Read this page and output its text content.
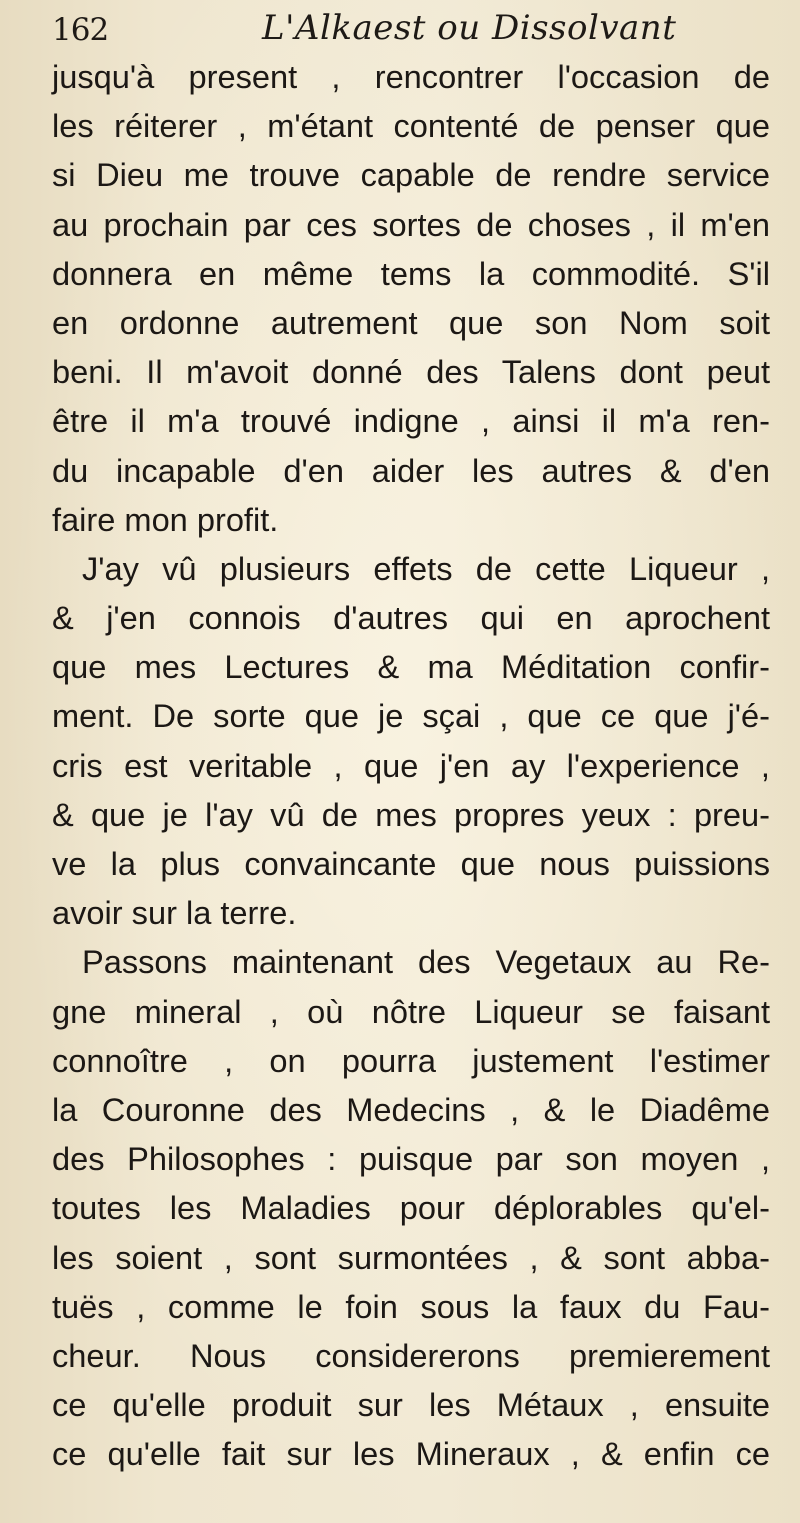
162	L'Alkaest ou Dissolvant
jusqu'à present , rencontrer l'occasion de
les réiterer , m'étant contenté de penser que
si Dieu me trouve capable de rendre service
au prochain par ces sortes de choses , il m'en
donnera en même tems la commodité. S'il
en ordonne autrement que son Nom soit
beni. Il m'avoit donné des Talens dont peut
être il m'a trouvé indigne , ainsi il m'a ren-
du incapable d'en aider les autres & d'en
faire mon profit.
J'ay vû plusieurs effets de cette Liqueur ,
& j'en connois d'autres qui en aprochent
que mes Lectures & ma Méditation confir-
ment. De sorte que je sçai , que ce que j'é-
cris est veritable , que j'en ay l'experience ,
& que je l'ay vû de mes propres yeux : preu-
ve la plus convaincante que nous puissions
avoir sur la terre.
Passons maintenant des Vegetaux au Re-
gne mineral , où nôtre Liqueur se faisant
connoître , on pourra justement l'estimer
la Couronne des Medecins , & le Diadême
des Philosophes : puisque par son moyen ,
toutes les Maladies pour déplorables qu'el-
les soient , sont surmontées , & sont abba-
tuës , comme le foin sous la faux du Fau-
cheur. Nous considererons premierement
ce qu'elle produit sur les Métaux , ensuite
ce qu'elle fait sur les Mineraux , & enfin ce
